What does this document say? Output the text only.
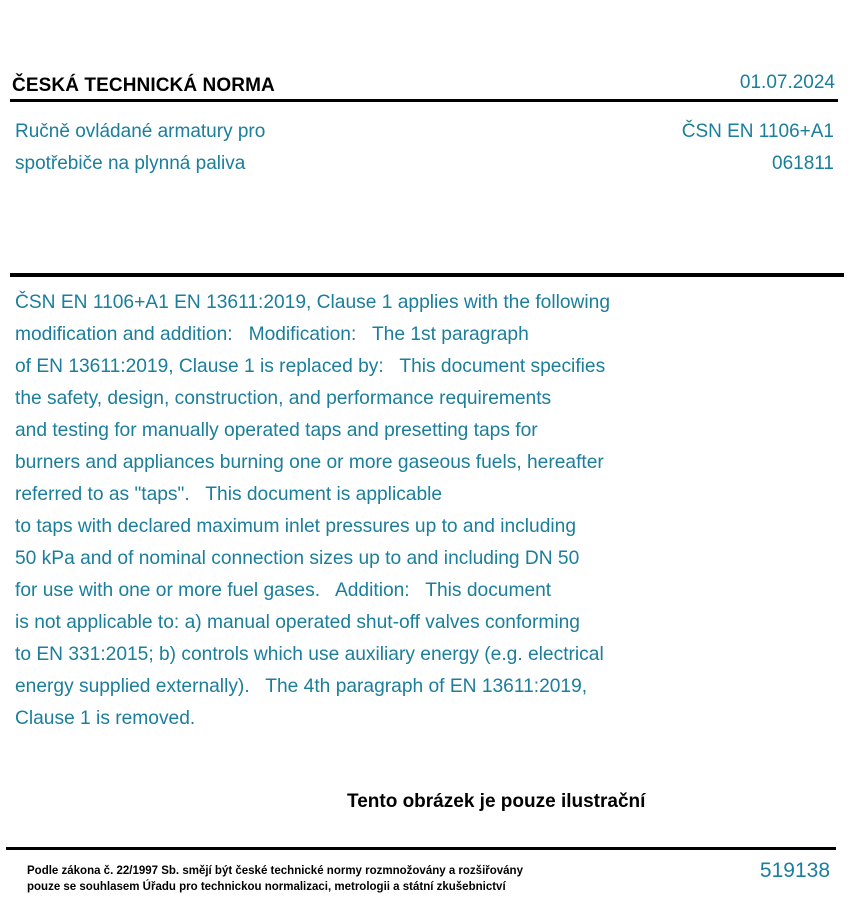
ČESKÁ TECHNICKÁ NORMA	01.07.2024
Ručně ovládané armatury pro
spotřebiče na plynná paliva
ČSN EN 1106+A1
061811
ČSN EN 1106+A1 EN 13611:2019, Clause 1 applies with the following
modification and addition:   Modification:   The 1st paragraph
of EN 13611:2019, Clause 1 is replaced by:   This document specifies
the safety, design, construction, and performance requirements
and testing for manually operated taps and presetting taps for
burners and appliances burning one or more gaseous fuels, hereafter
referred to as "taps".   This document is applicable
to taps with declared maximum inlet pressures up to and including
50 kPa and of nominal connection sizes up to and including DN 50
for use with one or more fuel gases.   Addition:   This document
is not applicable to: a) manual operated shut-off valves conforming
to EN 331:2015; b) controls which use auxiliary energy (e.g. electrical
energy supplied externally).   The 4th paragraph of EN 13611:2019,
Clause 1 is removed.
Tento obrázek je pouze ilustrační
Podle zákona č. 22/1997 Sb. smějí být české technické normy rozmnožovány a rozšiřovány
pouze se souhlasem Úřadu pro technickou normalizaci, metrologii a státní zkušebnictví
519138
